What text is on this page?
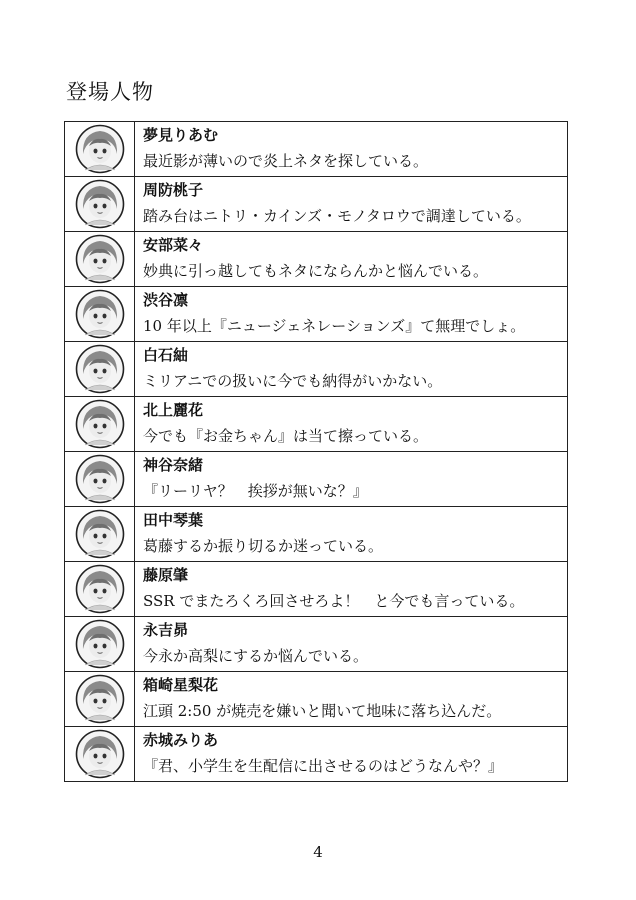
登場人物

夢見りあむ
最近影が薄いので炎上ネタを探している。

周防桃子
踏み台はニトリ・カインズ・モノタロウで調達している。

安部菜々
妙典に引っ越してもネタにならんかと悩んでいる。

渋谷凛
10 年以上『ニュージェネレーションズ』て無理でしょ。

白石紬
ミリアニでの扱いに今でも納得がいかない。

北上麗花
今でも『お金ちゃん』は当て擦っている。

神谷奈緒
『リーリヤ？　挨拶が無いな？』

田中琴葉
葛藤するか振り切るか迷っている。

藤原肇
SSR でまたろくろ回させろよ！　と今でも言っている。

永吉昴
今永か高梨にするか悩んでいる。

箱崎星梨花
江頭 2:50 が焼売を嫌いと聞いて地味に落ち込んだ。

赤城みりあ
『君、小学生を生配信に出させるのはどうなんや？』
4
